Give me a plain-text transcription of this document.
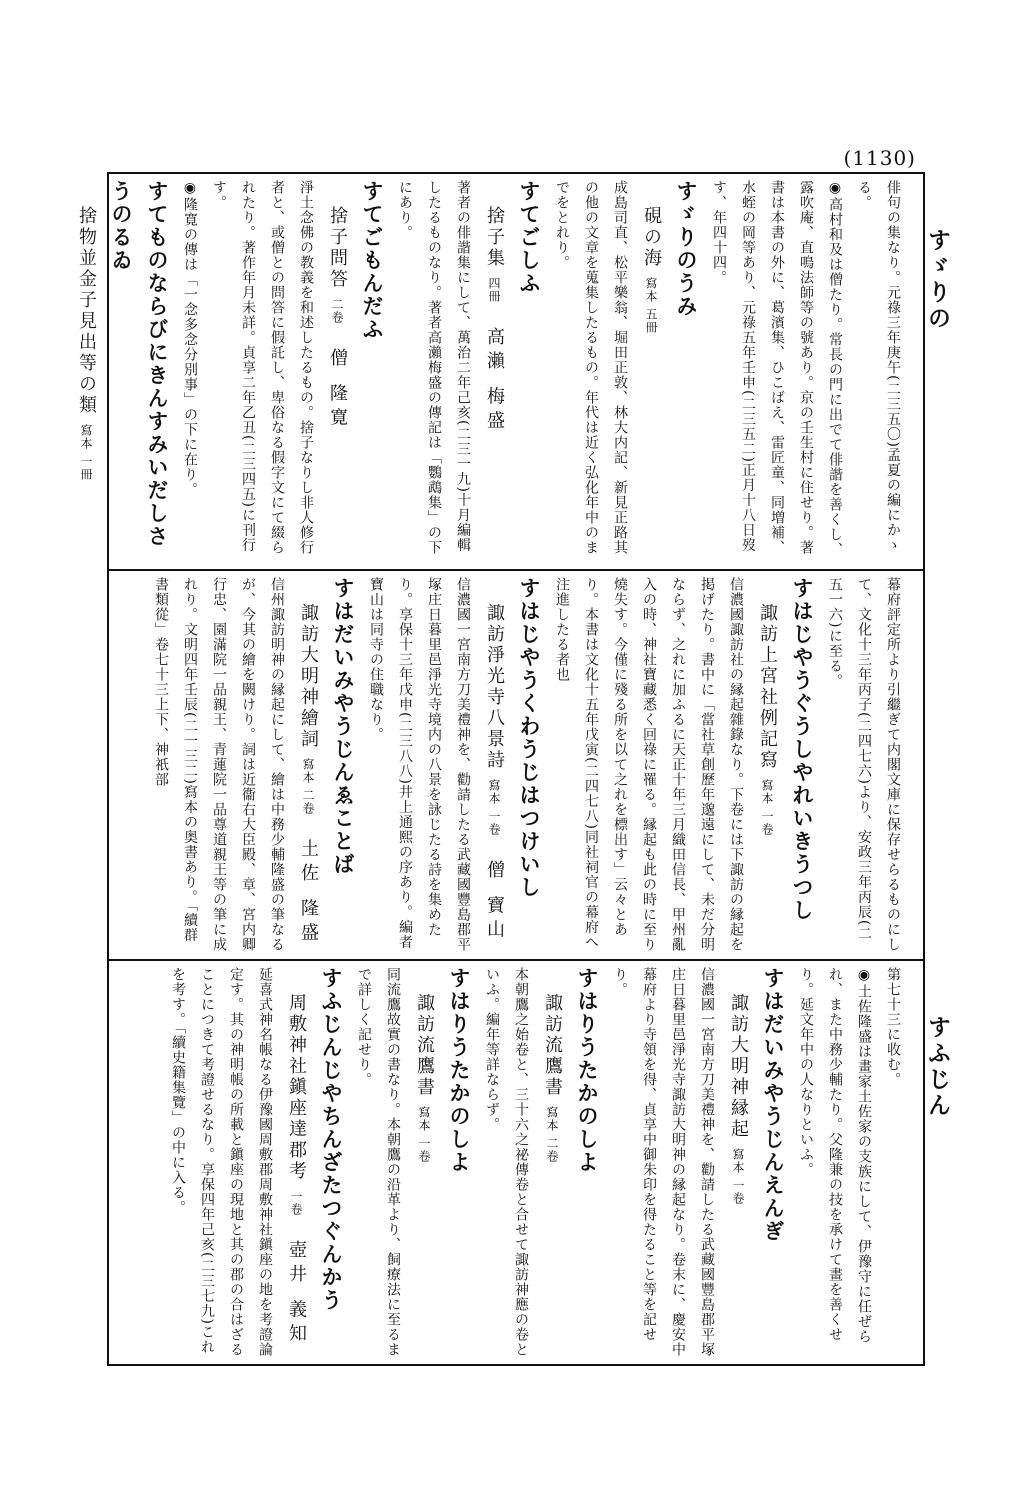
(1130)
すゞりの
すふじん
俳句の集なり。元祿三年庚午(二三五〇)孟夏の編にかゝる。
◉高村和及は僧たり。常長の門に出でて俳諧を善くし、露吹庵、直鳴法師等の號あり。京の壬生村に住せり。著書は本書の外に、葛濱集、ひこばえ、雷匠童、同増補、水蛭の岡等あり、元祿五年壬申(二三五二)正月十八日歿す、年四十四。
すゞりのうみ
硯の海寫本 五冊
成島司直、松平樂翁、堀田正敦、林大内記、新見正路其の他の文章を蒐集したるもの。年代は近く弘化年中のまでをとれり。
すてごしふ
捨子集四冊高瀨 梅盛
著者の俳諧集にして、萬治二年己亥(二三一九)十月編輯したるものなり。著者高瀨梅盛の傳記は「鸚鵡集」の下にあり。
すてごもんだふ
捨子問答二卷僧 隆寛
淨土念佛の教義を和述したるもの。捨子なりし非人修行者と、或僧との問答に假託し、卑俗なる假字文にて綴られたり。著作年月未詳。貞享二年乙丑(二三四五)に刊行す。
◉隆寛の傳は「一念多念分別事」の下に在り。
すてものならびにきんすみいだしさうのるゐ
捨物並金子見出等の類寫本 一冊
幕府評定所より引繼ぎて内閣文庫に保存せらるものにして、文化十三年丙子(二四七六)より、安政三年丙辰(二五一六)に至る。
すはじやうぐうしやれいきうつし
諏訪上宮社例記寫寫本 一卷
信濃國諏訪社の縁起雜錄なり。下卷には下諏訪の縁起を掲げたり。書中に「當社草創歷年邈遠にして、未だ分明ならず、之れに加ふるに天正十年三月織田信長、甲州亂入の時、神社寶藏悉く回祿に罹る。縁起も此の時に至り燒失す。今僅に殘る所を以て之れを標出す」云々とあり。本書は文化十五年戊寅(二四七八)同社祠官の幕府へ注進したる者也
すはじやうくわうじはつけいし
諏訪淨光寺八景詩寫本 一卷僧 寶山
信濃國一宮南方刀美禮神を、勸請したる武藏國豐島郡平塚庄日暮里邑淨光寺境内の八景を詠じたる詩を集めたり。享保十三年戊申(二三八八)井上通熙の序あり。編者寶山は同寺の住職なり。
すはだいみやうじんゑことば
諏訪大明神繪詞寫本 二卷土佐 隆盛
信州諏訪明神の縁起にして、繪は中務少輔隆盛の筆なるが、今其の繪を闕けり。詞は近衞右大臣殿、章、宮内卿行忠、園滿院一品親王、青蓮院一品尊道親王等の筆に成れり。文明四年壬辰(二一三二)寫本の奥書あり。「續群書類從」卷七十三上下、神祇部
第七十三に收む。
◉土佐隆盛は畫家土佐家の支族にして、伊豫守に任ぜられ、また中務少輔たり。父隆兼の技を承けて畫を善くせり。延文年中の人なりといふ。
すはだいみやうじんえんぎ
諏訪大明神縁起寫本 一卷
信濃國一宮南方刀美禮神を、勸請したる武藏國豐島郡平塚庄日暮里邑淨光寺諏訪大明神の縁起なり。卷末に、慶安中幕府より寺領を得、貞享中御朱印を得たること等を記せり。
すはりうたかのしよ
諏訪流鷹書寫本 二卷
本朝鷹之始卷と、三十六之祕傳卷と合せて諏訪神應の卷といふ。編年等詳ならず。
すはりうたかのしよ
諏訪流鷹書寫本 一卷
同流鷹故實の書なり。本朝鷹の沿革より、飼療法に至るまで詳しく記せり。
すふじんじやちんざたつぐんかう
周敷神社鎭座達郡考一卷壺井 義知
延喜式神名帳なる伊豫國周敷郡周敷神社鎭座の地を考證論定す。其の神明帳の所載と鎭座の現地と其の郡の合はざることにつきて考證せるなり。享保四年己亥(二三七九)これを考す。「續史籍集覽」の中に入る。
